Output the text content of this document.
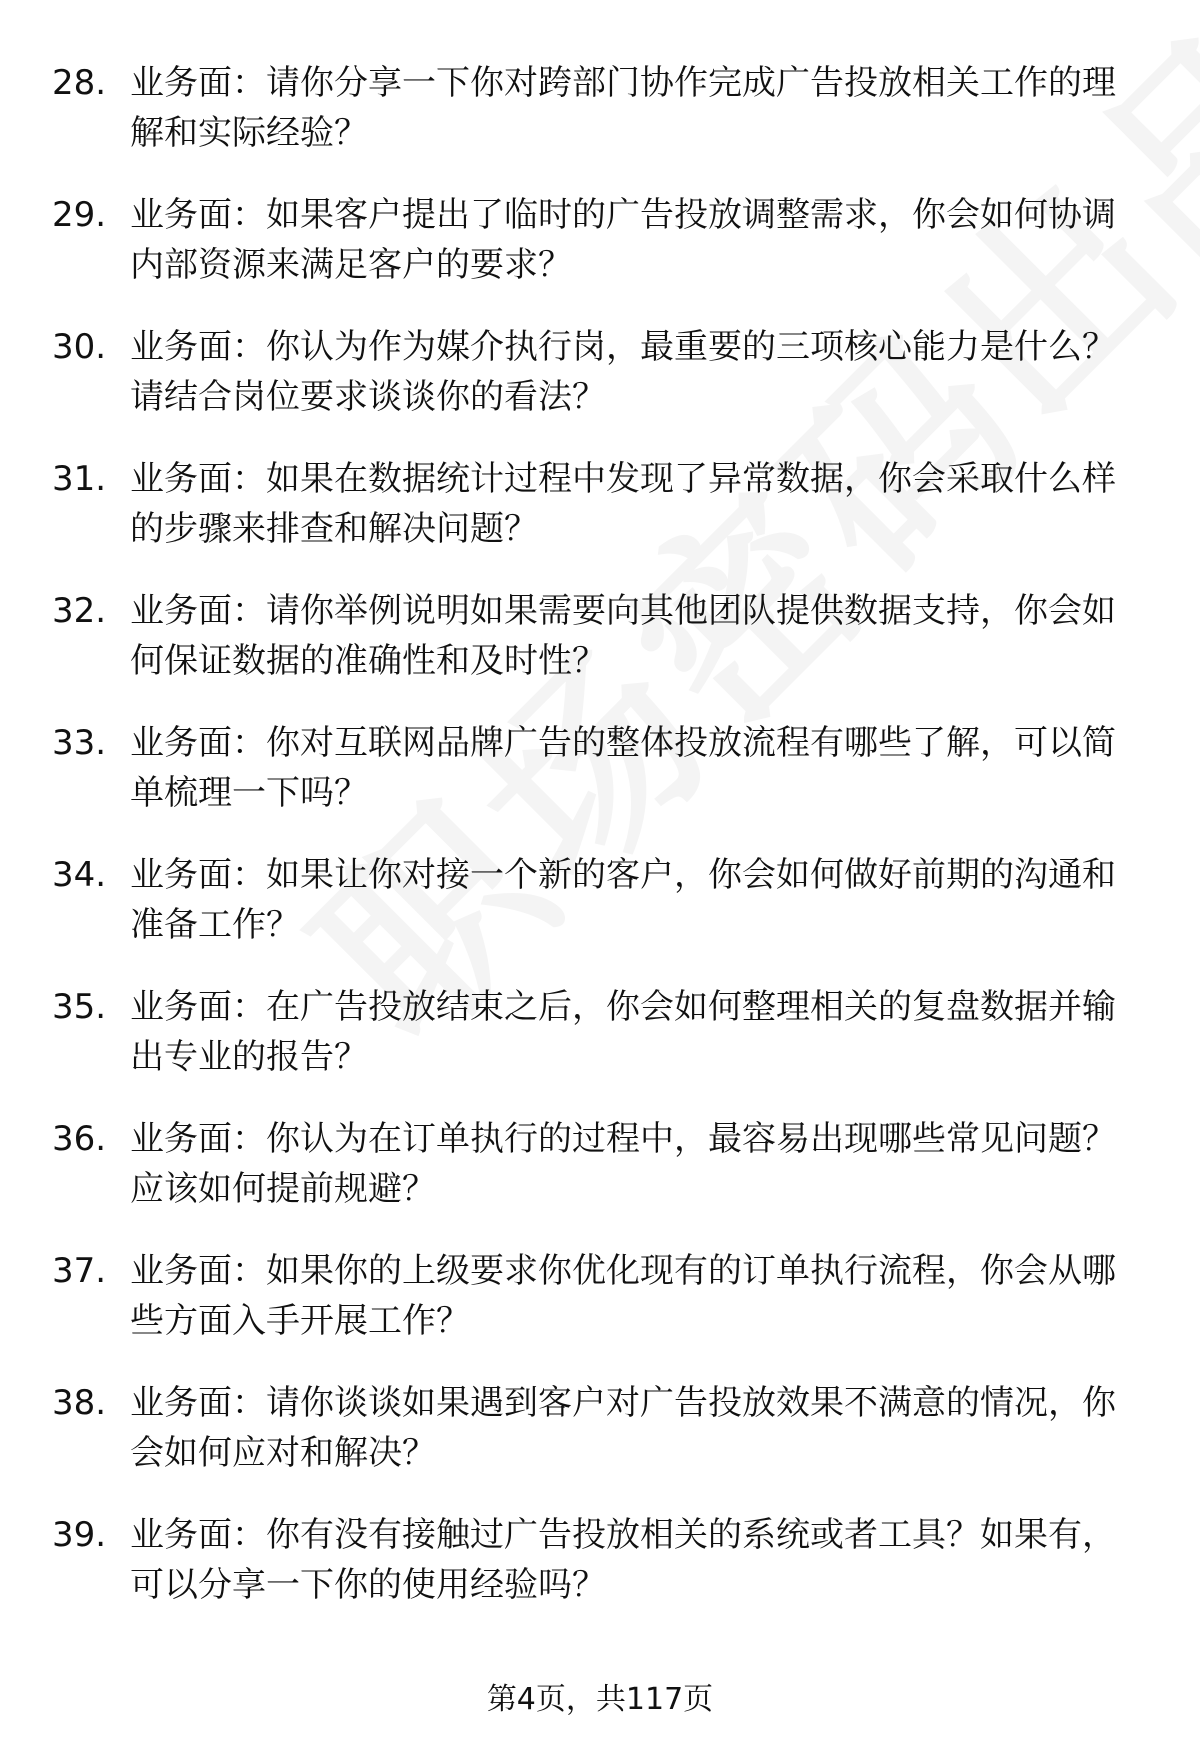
28. 业务面：请你分享一下你对跨部门协作完成广告投放相关工作的理解和实际经验？
29. 业务面：如果客户提出了临时的广告投放调整需求，你会如何协调内部资源来满足客户的要求？
30. 业务面：你认为作为媒介执行岗，最重要的三项核心能力是什么？请结合岗位要求谈谈你的看法？
31. 业务面：如果在数据统计过程中发现了异常数据，你会采取什么样的步骤来排查和解决问题？
32. 业务面：请你举例说明如果需要向其他团队提供数据支持，你会如何保证数据的准确性和及时性？
33. 业务面：你对互联网品牌广告的整体投放流程有哪些了解，可以简单梳理一下吗？
34. 业务面：如果让你对接一个新的客户，你会如何做好前期的沟通和准备工作？
35. 业务面：在广告投放结束之后，你会如何整理相关的复盘数据并输出专业的报告？
36. 业务面：你认为在订单执行的过程中，最容易出现哪些常见问题？应该如何提前规避？
37. 业务面：如果你的上级要求你优化现有的订单执行流程，你会从哪些方面入手开展工作？
38. 业务面：请你谈谈如果遇到客户对广告投放效果不满意的情况，你会如何应对和解决？
39. 业务面：你有没有接触过广告投放相关的系统或者工具？如果有，可以分享一下你的使用经验吗？
第4页，共117页
